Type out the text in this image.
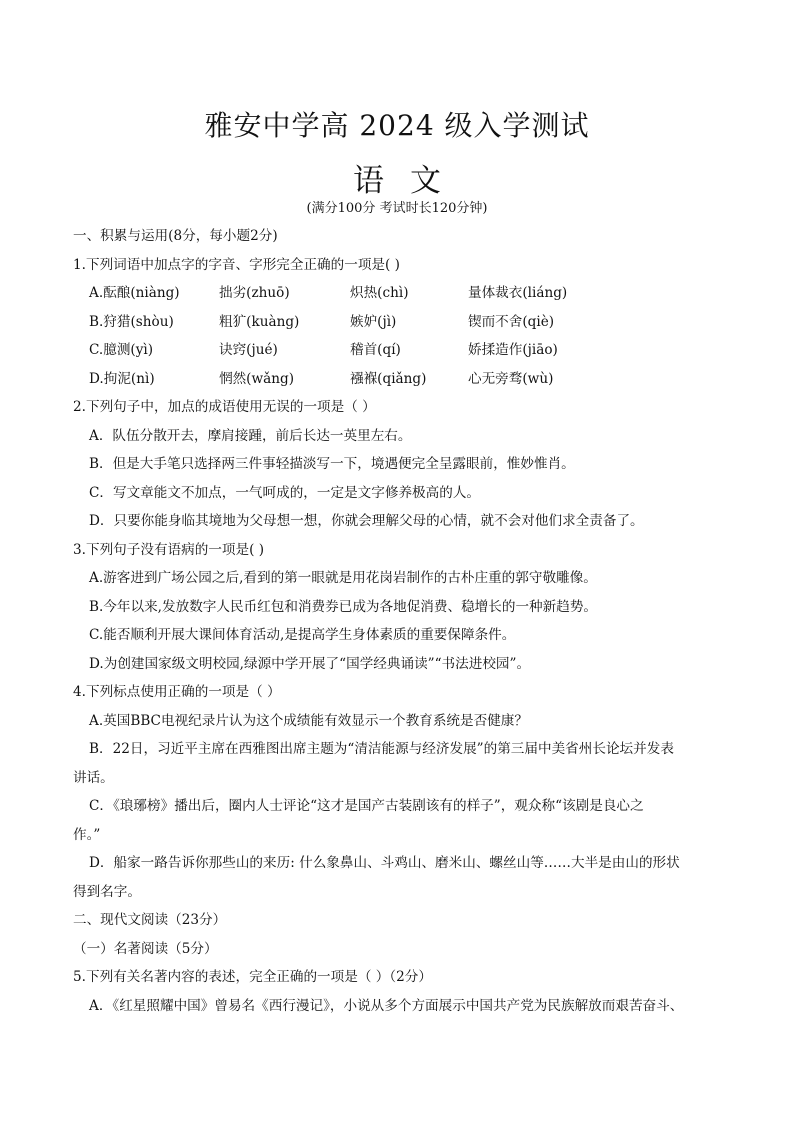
雅安中学高 2024 级入学测试
语文
(满分100分 考试时长120分钟)
一、积累与运用(8分，每小题2分)
1.下列词语中加点字的字音、字形完全正确的一项是( )
A.酝酿(niàng)	拙劣(zhuō)	炽热(chì)	量体裁衣(liáng)
B.狩猎(shòu)	粗犷(kuàng)	嫉妒(jì)	锲而不舍(qiè)
C.臆测(yì)	诀窍(jué)	稽首(qí)	娇揉造作(jiāo)
D.拘泥(nì)	惘然(wǎng)	襁褓(qiǎng)	心无旁骛(wù)
2.下列句子中，加点的成语使用无误的一项是（ ）
A．队伍分散开去，摩肩接踵，前后长达一英里左右。
B．但是大手笔只选择两三件事轻描淡写一下，境遇便完全呈露眼前，惟妙惟肖。
C．写文章能文不加点，一气呵成的，一定是文字修养极高的人。
D．只要你能身临其境地为父母想一想，你就会理解父母的心情，就不会对他们求全责备了。
3.下列句子没有语病的一项是( )
A.游客进到广场公园之后,看到的第一眼就是用花岗岩制作的古朴庄重的郭守敬雕像。
B.今年以来,发放数字人民币红包和消费券已成为各地促消费、稳增长的一种新趋势。
C.能否顺利开展大课间体育活动,是提高学生身体素质的重要保障条件。
D.为创建国家级文明校园,绿源中学开展了“国学经典诵读”“书法进校园”。
4.下列标点使用正确的一项是（ ）
A.英国BBC电视纪录片认为这个成绩能有效显示一个教育系统是否健康？
B．22日，习近平主席在西雅图出席主题为“清洁能源与经济发展”的第三届中美省州长论坛并发表
讲话。
C．《琅琊榜》播出后，圈内人士评论“这才是国产古装剧该有的样子”，观众称“该剧是良心之
作。”
D．船家一路告诉你那些山的来历: 什么象鼻山、斗鸡山、磨米山、螺丝山等……大半是由山的形状
得到名字。
二、现代文阅读（23分）
（一）名著阅读（5分）
5.下列有关名著内容的表述，完全正确的一项是（ ）（2分）
A．《红星照耀中国》曾易名《西行漫记》，小说从多个方面展示中国共产党为民族解放而艰苦奋斗、
